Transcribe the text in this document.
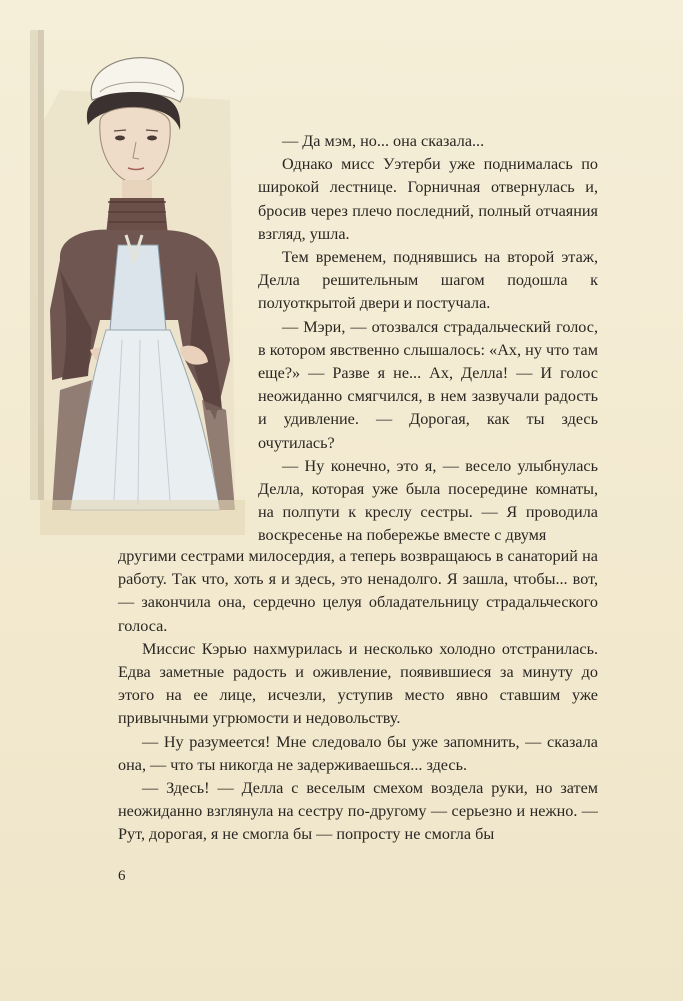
— Да мэм, но... она сказала...

Однако мисс Уэтерби уже поднималась по широкой лестнице. Горничная отвернулась и, бросив через плечо последний, полный отчаяния взгляд, ушла.

Тем временем, поднявшись на второй этаж, Делла решительным шагом подошла к полуоткрытой двери и постучала.

— Мэри, — отозвался страдальческий голос, в котором явственно слышалось: «Ах, ну что там еще?» — Разве я не... Ах, Делла! — И голос неожиданно смягчился, в нем зазвучали радость и удивление. — Дорогая, как ты здесь очутилась?

— Ну конечно, это я, — весело улыбнулась Делла, которая уже была посередине комнаты, на полпути к креслу сестры. — Я проводила воскресенье на побережье вместе с двумя

другими сестрами милосердия, а теперь возвращаюсь в санаторий на работу. Так что, хоть я и здесь, это ненадолго. Я зашла, чтобы... вот, — закончила она, сердечно целуя обладательницу страдальческого голоса.

Миссис Кэрью нахмурилась и несколько холодно отстранилась. Едва заметные радость и оживление, появившиеся за минуту до этого на ее лице, исчезли, уступив место явно ставшим уже привычными угрюмости и недовольству.

— Ну разумеется! Мне следовало бы уже запомнить, — сказала она, — что ты никогда не задерживаешься... здесь.

— Здесь! — Делла с веселым смехом воздела руки, но затем неожиданно взглянула на сестру по-другому — серьезно и нежно. — Рут, дорогая, я не смогла бы — попросту не смогла бы

6
